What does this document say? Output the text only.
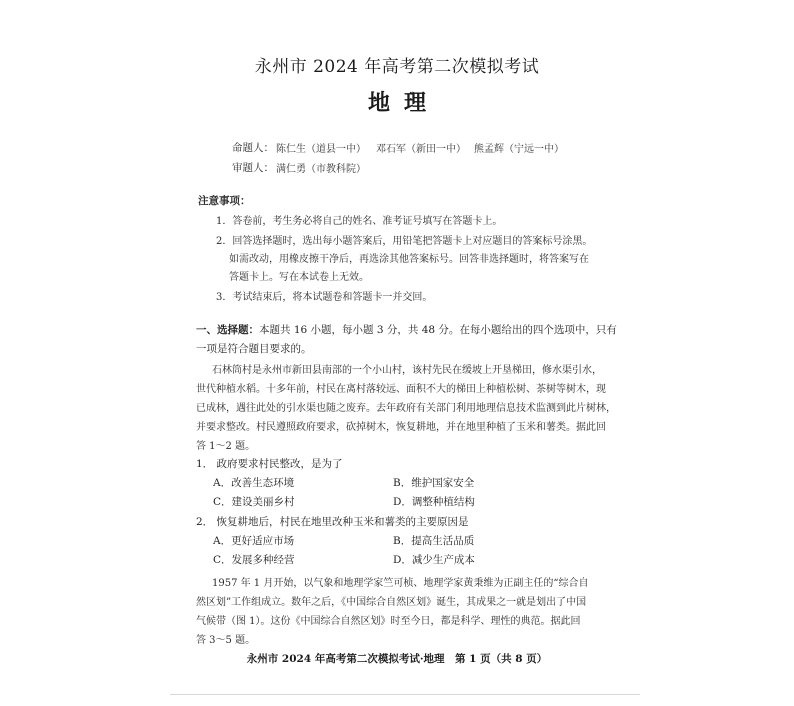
永州市 2024 年高考第二次模拟考试
地理
命题人： 陈仁生（道县一中） 邓石军（新田一中） 熊孟辉（宁远一中）
审题人： 满仁勇（市教科院）
注意事项：
1．答卷前，考生务必将自己的姓名、准考证号填写在答题卡上。
2．回答选择题时，选出每小题答案后，用铅笔把答题卡上对应题目的答案标号涂黑。
如需改动，用橡皮擦干净后，再选涂其他答案标号。回答非选择题时，将答案写在
答题卡上。写在本试卷上无效。
3．考试结束后，将本试题卷和答题卡一并交回。
一、选择题：本题共 16 小题，每小题 3 分，共 48 分。在每小题给出的四个选项中，只有
一项是符合题目要求的。
石林筒村是永州市新田县南部的一个小山村，该村先民在缓坡上开垦梯田，修水渠引水，
世代种植水稻。十多年前，村民在离村落较远、面积不大的梯田上种植松树、茶树等树木，现
已成林，遇往此处的引水渠也随之废弃。去年政府有关部门利用地理信息技术监测到此片树林，
并要求整改。村民遵照政府要求，砍掉树木，恢复耕地，并在地里种植了玉米和薯类。据此回
答 1～2 题。
1． 政府要求村民整改，是为了
A．改善生态环境	B．维护国家安全
C．建设美丽乡村	D．调整种植结构
2． 恢复耕地后，村民在地里改种玉米和薯类的主要原因是
A．更好适应市场	B．提高生活品质
C．发展多种经营	D．减少生产成本
1957 年 1 月开始，以气象和地理学家竺可桢、地理学家黄秉维为正副主任的“综合自
然区划”工作组成立。数年之后，《中国综合自然区划》诞生，其成果之一就是划出了中国
气候带（图 1）。这份《中国综合自然区划》时至今日，都是科学、理性的典范。据此回
答 3～5 题。
永州市 2024 年高考第二次模拟考试·地理　第 1 页（共 8 页）
